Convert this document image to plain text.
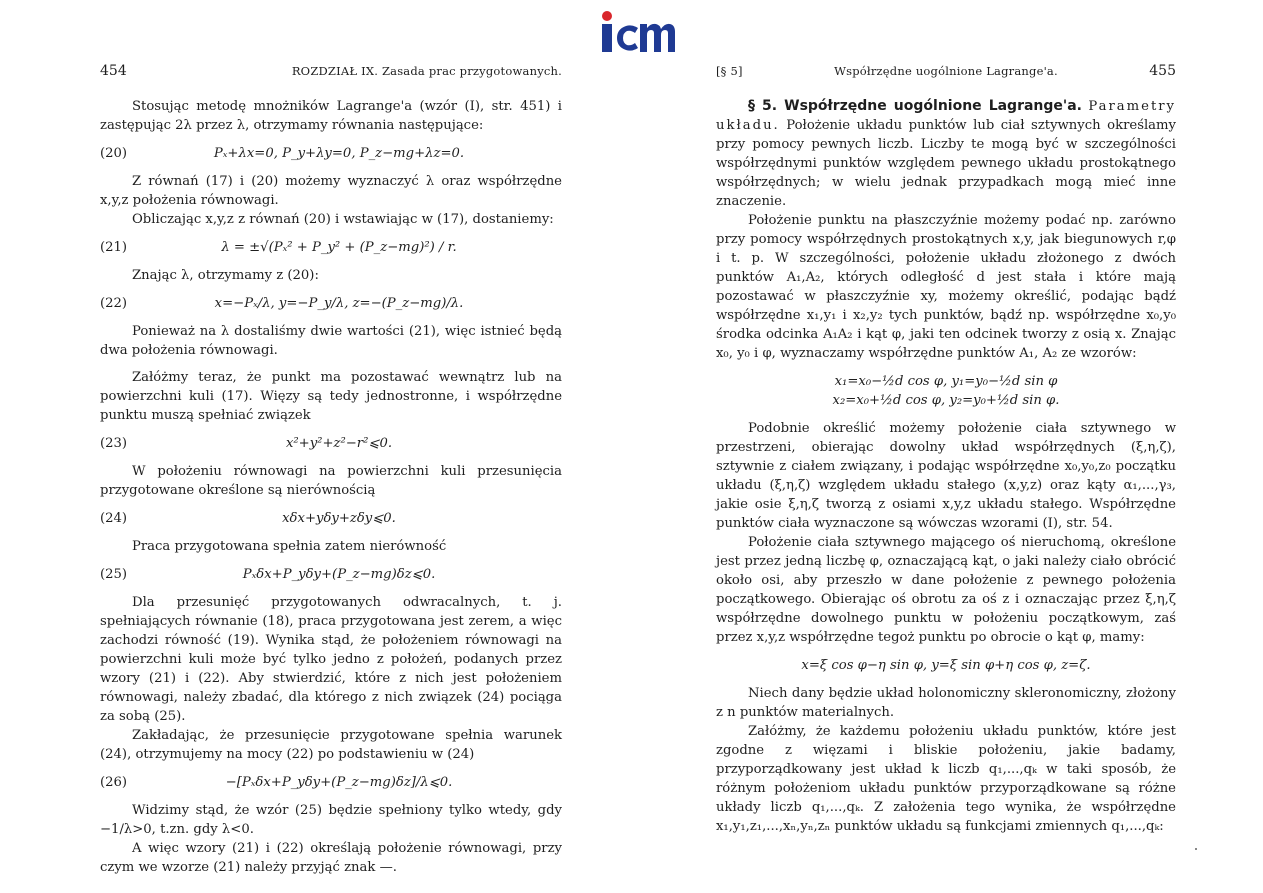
454	ROZDZIAŁ IX. Zasada prac przygotowanych.

Stosując metodę mnożników Lagrange'a (wzór (I), str. 451) i zastępując 2λ przez λ, otrzymamy równania następujące:

(20)	Pₓ+λx=0, P_y+λy=0, P_z−mg+λz=0.

Z równań (17) i (20) możemy wyznaczyć λ oraz współrzędne x,y,z położenia równowagi.

Obliczając x,y,z z równań (20) i wstawiając w (17), dostaniemy:

(21)	λ = ±√(Pₓ² + P_y² + (P_z−mg)²) / r.

Znając λ, otrzymamy z (20):

(22)	x=−Pₓ/λ, y=−P_y/λ, z=−(P_z−mg)/λ.

Ponieważ na λ dostaliśmy dwie wartości (21), więc istnieć będą dwa położenia równowagi.

Załóżmy teraz, że punkt ma pozostawać wewnątrz lub na powierzchni kuli (17). Więzy są tedy jednostronne, i współrzędne punktu muszą spełniać związek

(23)	x²+y²+z²−r²⩽0.

W położeniu równowagi na powierzchni kuli przesunięcia przygotowane określone są nierównością

(24)	xδx+yδy+zδy⩽0.

Praca przygotowana spełnia zatem nierówność

(25)	Pₓδx+P_yδy+(P_z−mg)δz⩽0.

Dla przesunięć przygotowanych odwracalnych, t. j. spełniających równanie (18), praca przygotowana jest zerem, a więc zachodzi równość (19). Wynika stąd, że położeniem równowagi na powierzchni kuli może być tylko jedno z położeń, podanych przez wzory (21) i (22). Aby stwierdzić, które z nich jest położeniem równowagi, należy zbadać, dla którego z nich związek (24) pociąga za sobą (25).

Zakładając, że przesunięcie przygotowane spełnia warunek (24), otrzymujemy na mocy (22) po podstawieniu w (24)

(26)	−[Pₓδx+P_yδy+(P_z−mg)δz]/λ⩽0.

Widzimy stąd, że wzór (25) będzie spełniony tylko wtedy, gdy −1/λ>0, t.zn. gdy λ<0.

A więc wzory (21) i (22) określają położenie równowagi, przy czym we wzorze (21) należy przyjąć znak —.

[§ 5]	Współrzędne uogólnione Lagrange'a.	455

§ 5. Współrzędne uogólnione Lagrange'a. Parametry układu. Położenie układu punktów lub ciał sztywnych określamy przy pomocy pewnych liczb. Liczby te mogą być w szczególności współrzędnymi punktów względem pewnego układu prostokątnego współrzędnych; w wielu jednak przypadkach mogą mieć inne znaczenie.

Położenie punktu na płaszczyźnie możemy podać np. zarówno przy pomocy współrzędnych prostokątnych x,y, jak biegunowych r,φ i t. p. W szczególności, położenie układu złożonego z dwóch punktów A₁,A₂, których odległość d jest stała i które mają pozostawać w płaszczyźnie xy, możemy określić, podając bądź współrzędne x₁,y₁ i x₂,y₂ tych punktów, bądź np. współrzędne x₀,y₀ środka odcinka A₁A₂ i kąt φ, jaki ten odcinek tworzy z osią x. Znając x₀, y₀ i φ, wyznaczamy współrzędne punktów A₁, A₂ ze wzorów:

x₁=x₀−½d cos φ, y₁=y₀−½d sin φ
x₂=x₀+½d cos φ, y₂=y₀+½d sin φ.

Podobnie określić możemy położenie ciała sztywnego w przestrzeni, obierając dowolny układ współrzędnych (ξ,η,ζ), sztywnie z ciałem związany, i podając współrzędne x₀,y₀,z₀ początku układu (ξ,η,ζ) względem układu stałego (x,y,z) oraz kąty α₁,...,γ₃, jakie osie ξ,η,ζ tworzą z osiami x,y,z układu stałego. Współrzędne punktów ciała wyznaczone są wówczas wzorami (I), str. 54.

Położenie ciała sztywnego mającego oś nieruchomą, określone jest przez jedną liczbę φ, oznaczającą kąt, o jaki należy ciało obrócić około osi, aby przeszło w dane położenie z pewnego położenia początkowego. Obierając oś obrotu za oś z i oznaczając przez ξ,η,ζ współrzędne dowolnego punktu w położeniu początkowym, zaś przez x,y,z współrzędne tegoż punktu po obrocie o kąt φ, mamy:

x=ξ cos φ−η sin φ, y=ξ sin φ+η cos φ, z=ζ.

Niech dany będzie układ holonomiczny skleronomiczny, złożony z n punktów materialnych.

Załóżmy, że każdemu położeniu układu punktów, które jest zgodne z więzami i bliskie położeniu, jakie badamy, przyporządkowany jest układ k liczb q₁,...,qₖ w taki sposób, że różnym położeniom układu punktów przyporządkowane są różne układy liczb q₁,...,qₖ. Z założenia tego wynika, że współrzędne x₁,y₁,z₁,...,xₙ,yₙ,zₙ punktów układu są funkcjami zmiennych q₁,...,qₖ:
